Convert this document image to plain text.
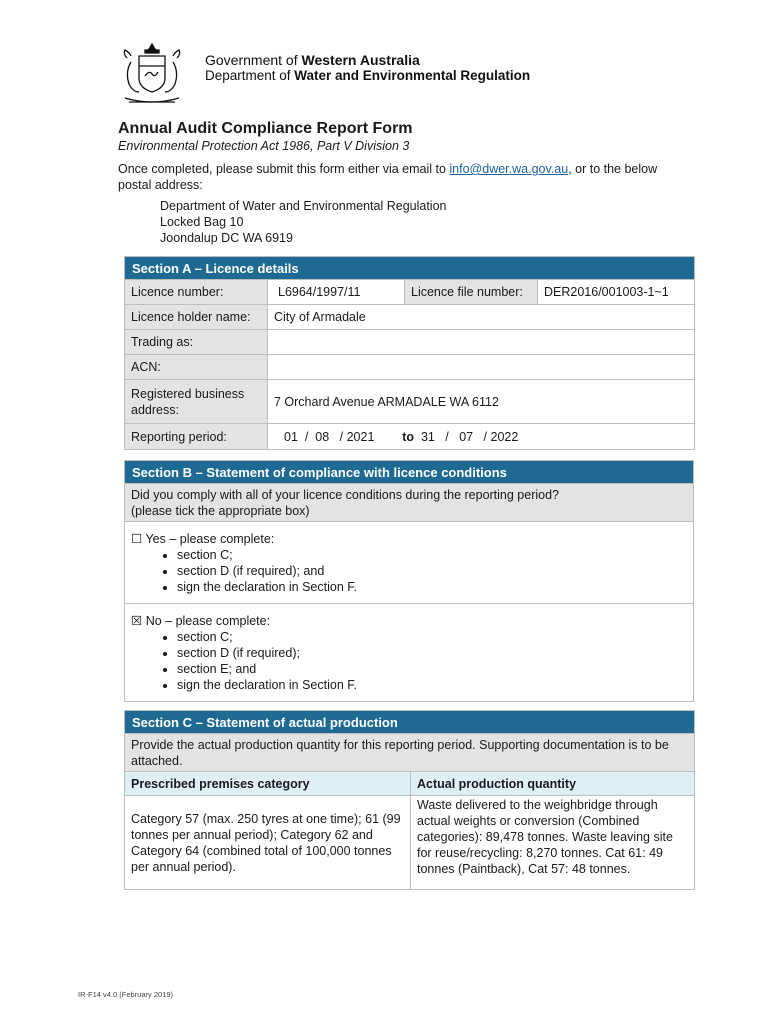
Government of Western Australia
Department of Water and Environmental Regulation
Annual Audit Compliance Report Form
Environmental Protection Act 1986, Part V Division 3
Once completed, please submit this form either via email to info@dwer.wa.gov.au, or to the below postal address:
Department of Water and Environmental Regulation
Locked Bag 10
Joondalup DC WA 6919
Section A – Licence details			
Licence number:	L6964/1997/11	Licence file number:	DER2016/001003-1~1
Licence holder name:	City of Armadale		
Trading as:			
ACN:			
Registered business address:	7 Orchard Avenue ARMADALE WA 6112		
Reporting period:	01 / 08 / 2021 to 31 / 07 / 2022		
Section B – Statement of compliance with licence conditions

Did you comply with all of your licence conditions during the reporting period?
(please tick the appropriate box)

☐ Yes – please complete:
• section C;
• section D (if required); and
• sign the declaration in Section F.

☒ No – please complete:
• section C;
• section D (if required);
• section E; and
• sign the declaration in Section F.
Section C – Statement of actual production	
Provide the actual production quantity for this reporting period. Supporting documentation is to be attached.	
Prescribed premises category	Actual production quantity
Category 57 (max. 250 tyres at one time); 61 (99 tonnes per annual period); Category 62 and Category 64 (combined total of 100,000 tonnes per annual period).	Waste delivered to the weighbridge through actual weights or conversion (Combined categories): 89,478 tonnes. Waste leaving site for reuse/recycling: 8,270 tonnes. Cat 61: 49 tonnes (Paintback), Cat 57: 48 tonnes.
IR-F14 v4.0 (February 2019)
